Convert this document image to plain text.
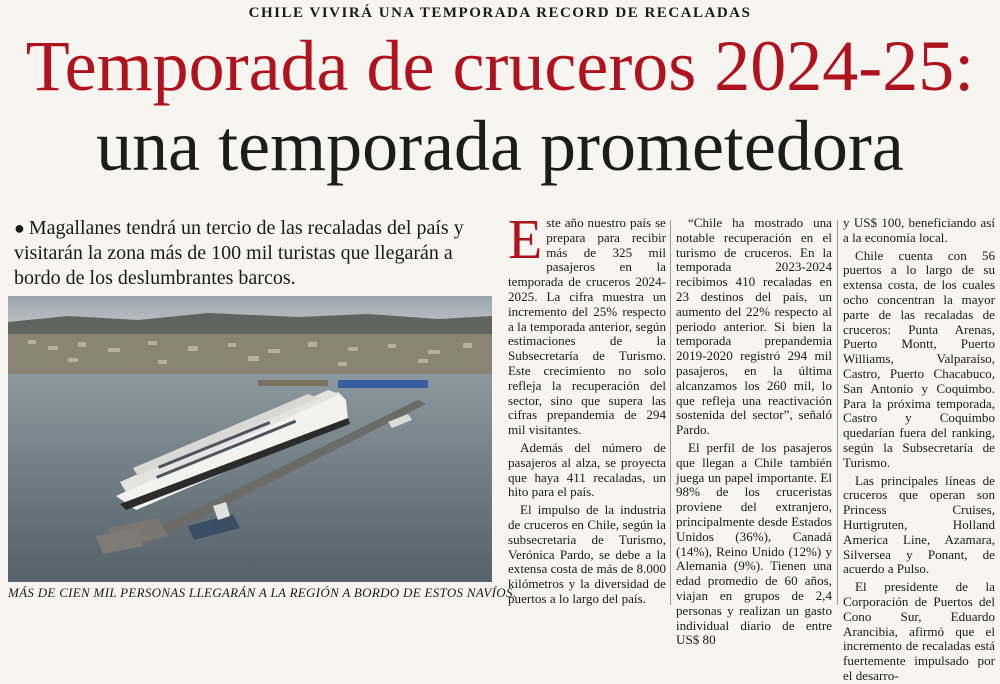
CHILE VIVIRÁ UNA TEMPORADA RECORD DE RECALADAS
Temporada de cruceros 2024-25:
una temporada prometedora
● Magallanes tendrá un tercio de las recaladas del país y visitarán la zona más de 100 mil turistas que llegarán a bordo de los deslumbrantes barcos.
MÁS DE CIEN MIL PERSONAS LLEGARÁN A LA REGIÓN A BORDO DE ESTOS NAVÍOS.

Este año nuestro país se prepara para recibir más de 325 mil pasajeros en la temporada de cruceros 2024-2025. La cifra muestra un incremento del 25% respecto a la temporada anterior, según estimaciones de la Subsecretaría de Turismo. Este crecimiento no solo refleja la recuperación del sector, sino que supera las cifras prepandemia de 294 mil visitantes.

Además del número de pasajeros al alza, se proyecta que haya 411 recaladas, un hito para el país.

El impulso de la industria de cruceros en Chile, según la subsecretaria de Turismo, Verónica Pardo, se debe a la extensa costa de más de 8.000 kilómetros y la diversidad de puertos a lo largo del país.

“Chile ha mostrado una notable recuperación en el turismo de cruceros. En la temporada 2023-2024 recibimos 410 recaladas en 23 destinos del país, un aumento del 22% respecto al periodo anterior. Si bien la temporada prepandemia 2019-2020 registró 294 mil pasajeros, en la última alcanzamos los 260 mil, lo que refleja una reactivación sostenida del sector”, señaló Pardo.

El perfil de los pasajeros que llegan a Chile también juega un papel importante. El 98% de los cruceristas proviene del extranjero, principalmente desde Estados Unidos (36%), Canadá (14%), Reino Unido (12%) y Alemania (9%). Tienen una edad promedio de 60 años, viajan en grupos de 2,4 personas y realizan un gasto individual diario de entre US$ 80

y US$ 100, beneficiando así a la economía local.

Chile cuenta con 56 puertos a lo largo de su extensa costa, de los cuales ocho concentran la mayor parte de las recaladas de cruceros: Punta Arenas, Puerto Montt, Puerto Williams, Valparaíso, Castro, Puerto Chacabuco, San Antonio y Coquimbo. Para la próxima temporada, Castro y Coquimbo quedarían fuera del ranking, según la Subsecretaría de Turismo.

Las principales líneas de cruceros que operan son Princess Cruises, Hurtigruten, Holland America Line, Azamara, Silversea y Ponant, de acuerdo a Pulso.

El presidente de la Corporación de Puertos del Cono Sur, Eduardo Arancibia, afirmó que el incremento de recaladas está fuertemente impulsado por el desarro-
